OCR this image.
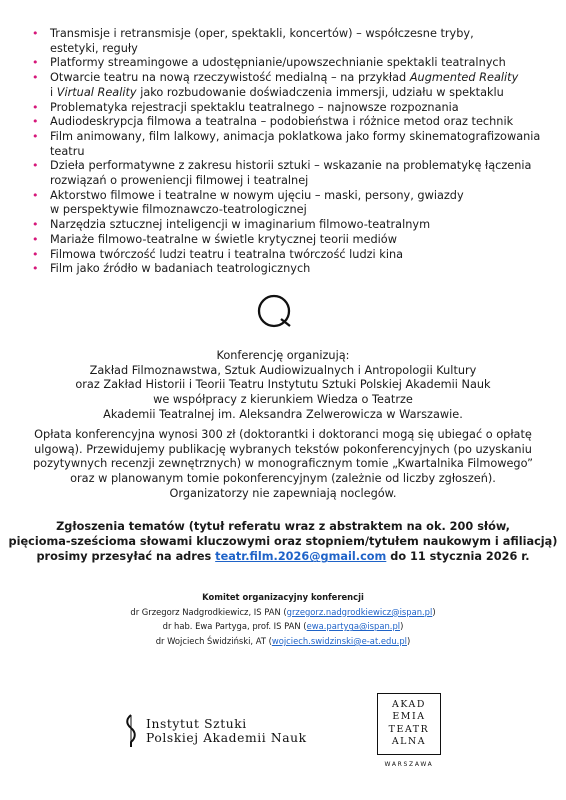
• Transmisje i retransmisje (oper, spektakli, koncertów) – współczesne tryby,
estetyki, reguły
• Platformy streamingowe a udostępnianie/upowszechnianie spektakli teatralnych
• Otwarcie teatru na nową rzeczywistość medialną – na przykład Augmented Reality
i Virtual Reality jako rozbudowanie doświadczenia immersji, udziału w spektaklu
• Problematyka rejestracji spektaklu teatralnego – najnowsze rozpoznania
• Audiodeskrypcja filmowa a teatralna – podobieństwa i różnice metod oraz technik
• Film animowany, film lalkowy, animacja poklatkowa jako formy skinematografizowania
teatru
• Dzieła performatywne z zakresu historii sztuki – wskazanie na problematykę łączenia
rozwiązań o proweniencji filmowej i teatralnej
• Aktorstwo filmowe i teatralne w nowym ujęciu – maski, persony, gwiazdy
w perspektywie filmoznawczo-teatrologicznej
• Narzędzia sztucznej inteligencji w imaginarium filmowo-teatralnym
• Mariaże filmowo-teatralne w świetle krytycznej teorii mediów
• Filmowa twórczość ludzi teatru i teatralna twórczość ludzi kina
• Film jako źródło w badaniach teatrologicznych
Konferencję organizują:
Zakład Filmoznawstwa, Sztuk Audiowizualnych i Antropologii Kultury
oraz Zakład Historii i Teorii Teatru Instytutu Sztuki Polskiej Akademii Nauk
we współpracy z kierunkiem Wiedza o Teatrze
Akademii Teatralnej im. Aleksandra Zelwerowicza w Warszawie.
Opłata konferencyjna wynosi 300 zł (doktorantki i doktoranci mogą się ubiegać o opłatę
ulgową). Przewidujemy publikację wybranych tekstów pokonferencyjnych (po uzyskaniu
pozytywnych recenzji zewnętrznych) w monograficznym tomie „Kwartalnika Filmowego”
oraz w planowanym tomie pokonferencyjnym (zależnie od liczby zgłoszeń).
Organizatorzy nie zapewniają noclegów.
Zgłoszenia tematów (tytuł referatu wraz z abstraktem na ok. 200 słów,
pięcioma-sześcioma słowami kluczowymi oraz stopniem/tytułem naukowym i afiliacją)
prosimy przesyłać na adres teatr.film.2026@gmail.com do 11 stycznia 2026 r.
Komitet organizacyjny konferencji
dr Grzegorz Nadgrodkiewicz, IS PAN (grzegorz.nadgrodkiewicz@ispan.pl)
dr hab. Ewa Partyga, prof. IS PAN (ewa.partyga@ispan.pl)
dr Wojciech Świdziński, AT (wojciech.swidzinski@e-at.edu.pl)
Instytut Sztuki
Polskiej Akademii Nauk
AKAD
EMIA
TEATR
ALNA
WARSZAWA
